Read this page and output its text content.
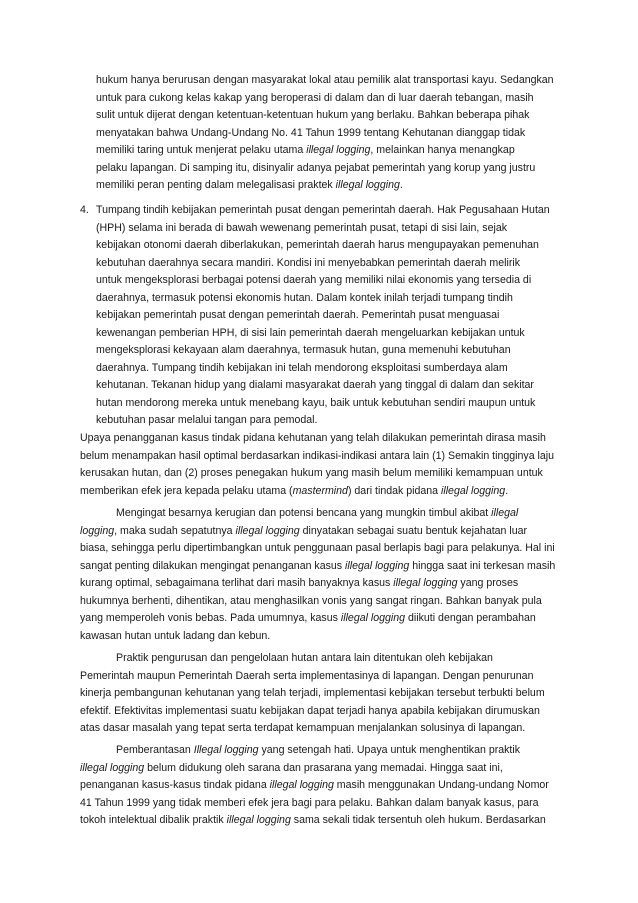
hukum hanya berurusan dengan masyarakat lokal atau pemilik alat transportasi kayu. Sedangkan
untuk para cukong kelas kakap yang beroperasi di dalam dan di luar daerah tebangan, masih
sulit untuk dijerat dengan ketentuan-ketentuan hukum yang berlaku. Bahkan beberapa pihak
menyatakan bahwa Undang-Undang No. 41 Tahun 1999 tentang Kehutanan dianggap tidak
memiliki taring untuk menjerat pelaku utama illegal logging, melainkan hanya menangkap
pelaku lapangan. Di samping itu, disinyalir adanya pejabat pemerintah yang korup yang justru
memiliki peran penting dalam melegalisasi praktek illegal logging.
4. Tumpang tindih kebijakan pemerintah pusat dengan pemerintah daerah. Hak Pegusahaan Hutan
(HPH) selama ini berada di bawah wewenang pemerintah pusat, tetapi di sisi lain, sejak
kebijakan otonomi daerah diberlakukan, pemerintah daerah harus mengupayakan pemenuhan
kebutuhan daerahnya secara mandiri. Kondisi ini menyebabkan pemerintah daerah melirik
untuk mengeksplorasi berbagai potensi daerah yang memiliki nilai ekonomis yang tersedia di
daerahnya, termasuk potensi ekonomis hutan. Dalam kontek inilah terjadi tumpang tindih
kebijakan pemerintah pusat dengan pemerintah daerah. Pemerintah pusat menguasai
kewenangan pemberian HPH, di sisi lain pemerintah daerah mengeluarkan kebijakan untuk
mengeksplorasi kekayaan alam daerahnya, termasuk hutan, guna memenuhi kebutuhan
daerahnya. Tumpang tindih kebijakan ini telah mendorong eksploitasi sumberdaya alam
kehutanan. Tekanan hidup yang dialami masyarakat daerah yang tinggal di dalam dan sekitar
hutan mendorong mereka untuk menebang kayu, baik untuk kebutuhan sendiri maupun untuk
kebutuhan pasar melalui tangan para pemodal.
Upaya penangganan kasus tindak pidana kehutanan yang telah dilakukan pemerintah dirasa masih
belum menampakan hasil optimal berdasarkan indikasi-indikasi antara lain (1) Semakin tingginya laju
kerusakan hutan, dan (2) proses penegakan hukum yang masih belum memiliki kemampuan untuk
memberikan efek jera kepada pelaku utama (mastermind) dari tindak pidana illegal logging.
Mengingat besarnya kerugian dan potensi bencana yang mungkin timbul akibat illegal
logging, maka sudah sepatutnya illegal logging dinyatakan sebagai suatu bentuk kejahatan luar
biasa, sehingga perlu dipertimbangkan untuk penggunaan pasal berlapis bagi para pelakunya. Hal ini
sangat penting dilakukan mengingat penanganan kasus illegal logging hingga saat ini terkesan masih
kurang optimal, sebagaimana terlihat dari masih banyaknya kasus illegal logging yang proses
hukumnya berhenti, dihentikan, atau menghasilkan vonis yang sangat ringan. Bahkan banyak pula
yang memperoleh vonis bebas. Pada umumnya, kasus illegal logging diikuti dengan perambahan
kawasan hutan untuk ladang dan kebun.
Praktik pengurusan dan pengelolaan hutan antara lain ditentukan oleh kebijakan
Pemerintah maupun Pemerintah Daerah serta implementasinya di lapangan. Dengan penurunan
kinerja pembangunan kehutanan yang telah terjadi, implementasi kebijakan tersebut terbukti belum
efektif. Efektivitas implementasi suatu kebijakan dapat terjadi hanya apabila kebijakan dirumuskan
atas dasar masalah yang tepat serta terdapat kemampuan menjalankan solusinya di lapangan.
Pemberantasan Illegal logging yang setengah hati. Upaya untuk menghentikan praktik
illegal logging belum didukung oleh sarana dan prasarana yang memadai. Hingga saat ini,
penanganan kasus-kasus tindak pidana illegal logging masih menggunakan Undang-undang Nomor
41 Tahun 1999 yang tidak memberi efek jera bagi para pelaku. Bahkan dalam banyak kasus, para
tokoh intelektual dibalik praktik illegal logging sama sekali tidak tersentuh oleh hukum. Berdasarkan
